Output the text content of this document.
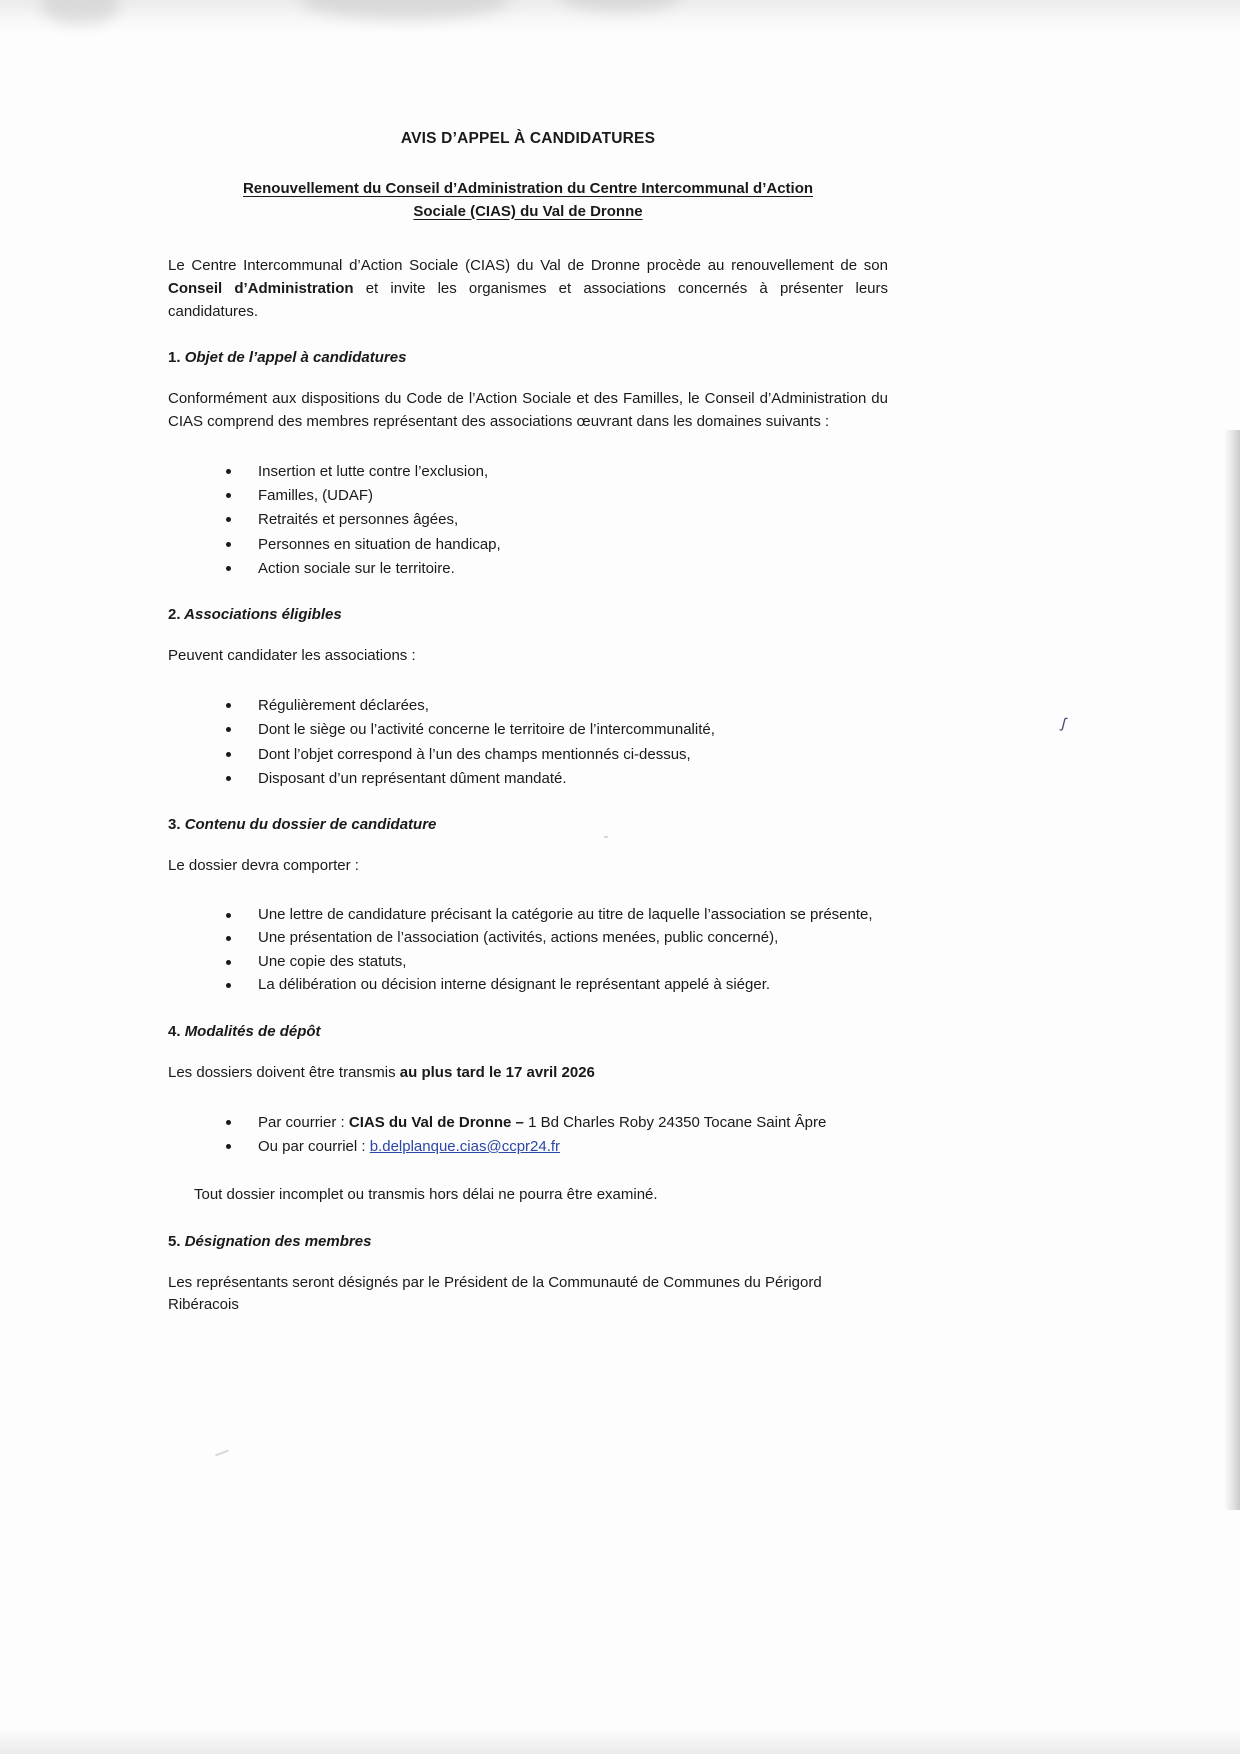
ʃ
AVIS D’APPEL À CANDIDATURES
Renouvellement du Conseil d’Administration du Centre Intercommunal d’Action
Sociale (CIAS) du Val de Dronne

Le Centre Intercommunal d’Action Sociale (CIAS) du Val de Dronne procède au renouvellement de son Conseil d’Administration et invite les organismes et associations concernés à présenter leurs candidatures.

1. Objet de l’appel à candidatures

Conformément aux dispositions du Code de l’Action Sociale et des Familles, le Conseil d’Administration du CIAS comprend des membres représentant des associations œuvrant dans les domaines suivants :

Insertion et lutte contre l’exclusion,
Familles, (UDAF)
Retraités et personnes âgées,
Personnes en situation de handicap,
Action sociale sur le territoire.
2. Associations éligibles

Peuvent candidater les associations :

Régulièrement déclarées,
Dont le siège ou l’activité concerne le territoire de l’intercommunalité,
Dont l’objet correspond à l’un des champs mentionnés ci-dessus,
Disposant d’un représentant dûment mandaté.
3. Contenu du dossier de candidature

Le dossier devra comporter :

Une lettre de candidature précisant la catégorie au titre de laquelle l’association se présente,
Une présentation de l’association (activités, actions menées, public concerné),
Une copie des statuts,
La délibération ou décision interne désignant le représentant appelé à siéger.
4. Modalités de dépôt

Les dossiers doivent être transmis au plus tard le 17 avril 2026

Par courrier : CIAS du Val de Dronne – 1 Bd Charles Roby 24350 Tocane Saint Âpre
Ou par courriel : b.delplanque.cias@ccpr24.fr

Tout dossier incomplet ou transmis hors délai ne pourra être examiné.

5. Désignation des membres

Les représentants seront désignés par le Président de la Communauté de Communes du Périgord Ribéracois
